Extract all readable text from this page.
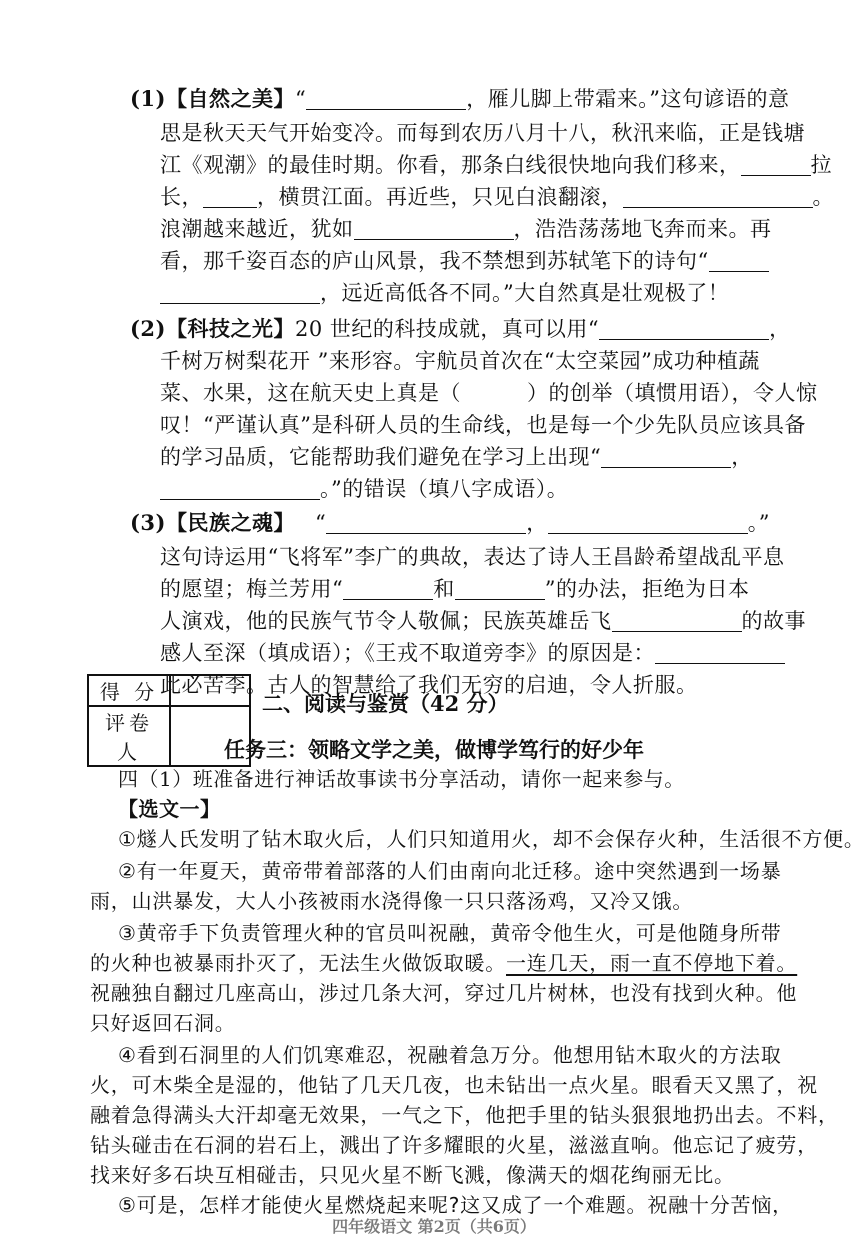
(1)【自然之美】“	，雁儿脚上带霜来。”这句谚语的意
思是秋天天气开始变冷。而每到农历八月十八，秋汛来临，正是钱塘
江《观潮》的最佳时期。你看，那条白线很快地向我们移来，	拉
长，	，横贯江面。再近些，只见白浪翻滚，	。
浪潮越来越近，犹如	，浩浩荡荡地飞奔而来。再
看，那千姿百态的庐山风景，我不禁想到苏轼笔下的诗句“
，远近高低各不同。”大自然真是壮观极了！
(2)【科技之光】20 世纪的科技成就，真可以用“	，
千树万树梨花开 ”来形容。宇航员首次在“太空菜园”成功种植蔬
菜、水果，这在航天史上真是（	）的创举（填惯用语），令人惊
叹！“严谨认真”是科研人员的生命线，也是每一个少先队员应该具备
的学习品质，它能帮助我们避免在学习上出现“	，
。”的错误（填八字成语）。
(3)【民族之魂】 “	，	。”
这句诗运用“飞将军”李广的典故，表达了诗人王昌龄希望战乱平息
的愿望；梅兰芳用“	和	”的办法，拒绝为日本
人演戏，他的民族气节令人敬佩；民族英雄岳飞	的故事
感人至深（填成语）；《王戎不取道旁李》的原因是：
此必苦李。古人的智慧给了我们无穷的启迪，令人折服。
得 分	
评卷人	
二、阅读与鉴赏（42 分）
任务三：领略文学之美，做博学笃行的好少年
四（1）班准备进行神话故事读书分享活动，请你一起来参与。
【选文一】
①燧人氏发明了钻木取火后，人们只知道用火，却不会保存火种，生活很不方便。
②有一年夏天，黄帝带着部落的人们由南向北迁移。途中突然遇到一场暴
雨，山洪暴发，大人小孩被雨水浇得像一只只落汤鸡，又冷又饿。
③黄帝手下负责管理火种的官员叫祝融，黄帝令他生火，可是他随身所带
的火种也被暴雨扑灭了，无法生火做饭取暖。一连几天，雨一直不停地下着。
祝融独自翻过几座高山，涉过几条大河，穿过几片树林，也没有找到火种。他
只好返回石洞。
④看到石洞里的人们饥寒难忍，祝融着急万分。他想用钻木取火的方法取
火，可木柴全是湿的，他钻了几天几夜，也未钻出一点火星。眼看天又黑了，祝
融着急得满头大汗却毫无效果，一气之下，他把手里的钻头狠狠地扔出去。不料，
钻头碰击在石洞的岩石上，溅出了许多耀眼的火星，滋滋直响。他忘记了疲劳，
找来好多石块互相碰击，只见火星不断飞溅，像满天的烟花绚丽无比。
⑤可是，怎样才能使火星燃烧起来呢?这又成了一个难题。祝融十分苦恼，
四年级语文 第2页（共6页）
